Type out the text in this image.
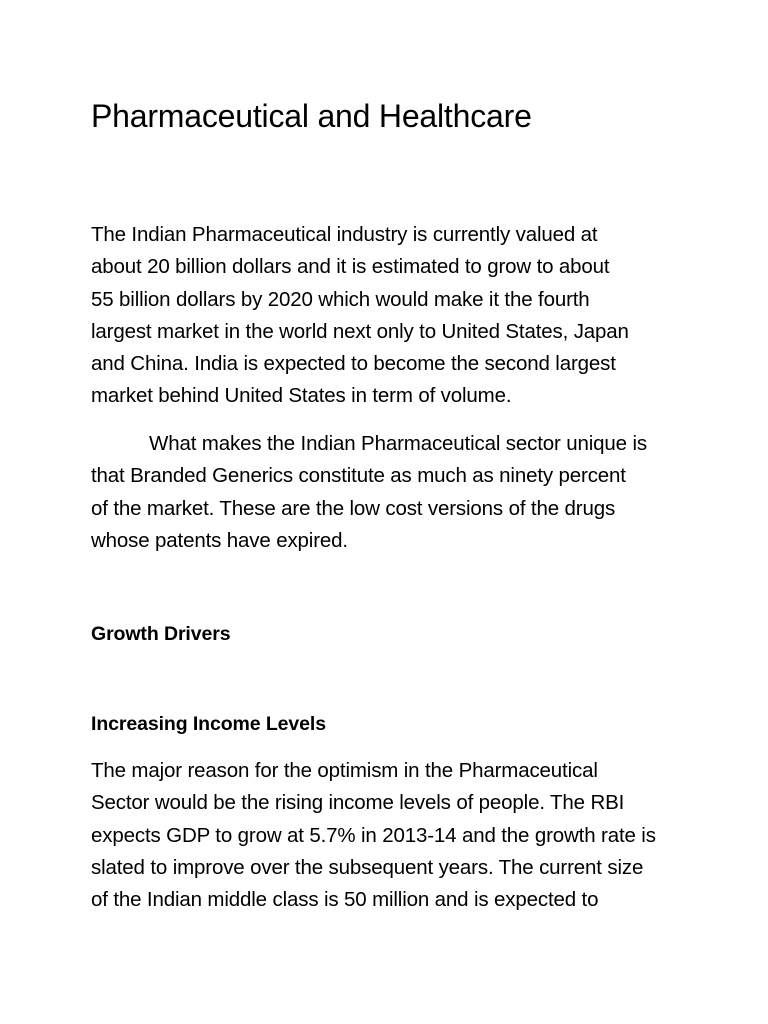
Pharmaceutical and Healthcare

The Indian Pharmaceutical industry is currently valued at
about 20 billion dollars and it is estimated to grow to about
55 billion dollars by 2020 which would make it the fourth
largest market in the world next only to United States, Japan
and China. India is expected to become the second largest
market behind United States in term of volume.

What makes the Indian Pharmaceutical sector unique is
that Branded Generics constitute as much as ninety percent
of the market. These are the low cost versions of the drugs
whose patents have expired.

Growth Drivers
Increasing Income Levels

The major reason for the optimism in the Pharmaceutical
Sector would be the rising income levels of people. The RBI
expects GDP to grow at 5.7% in 2013-14 and the growth rate is
slated to improve over the subsequent years. The current size
of the Indian middle class is 50 million and is expected to
